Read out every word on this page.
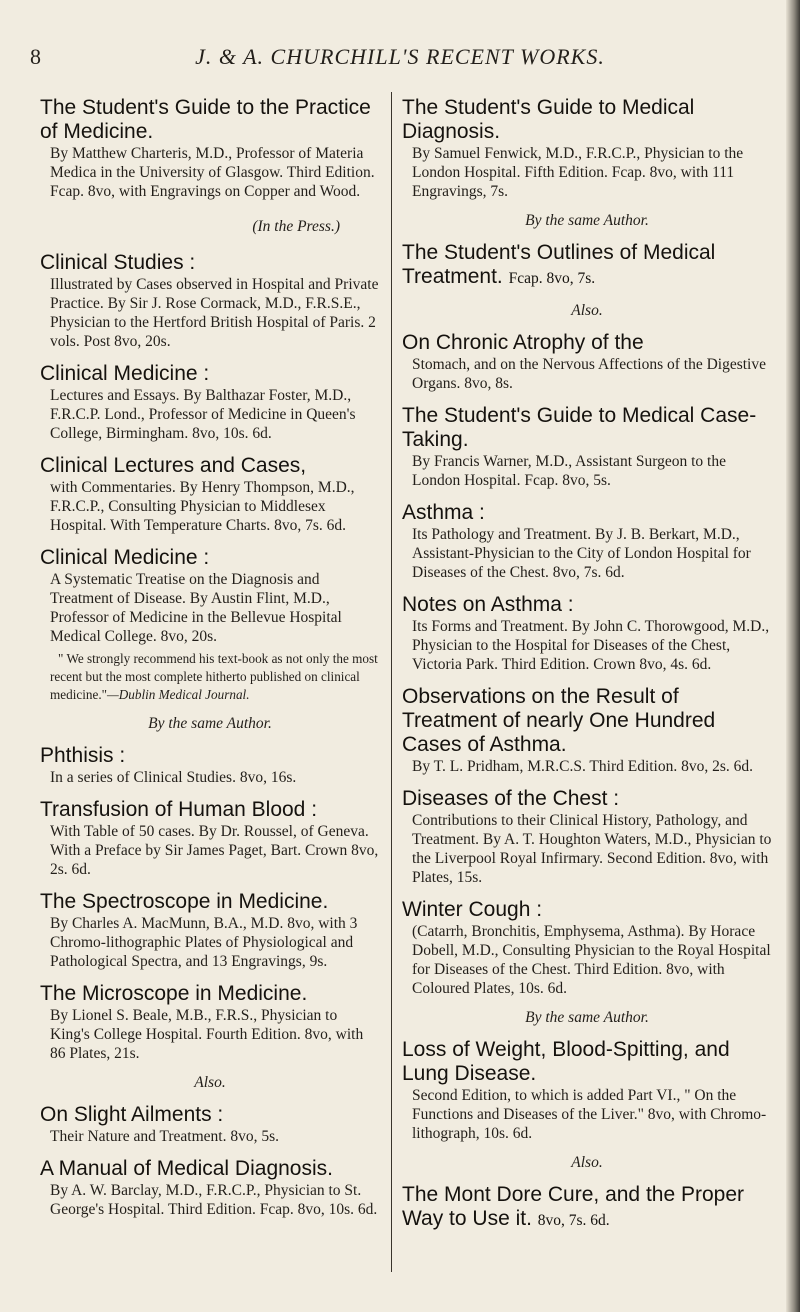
8	J. & A. CHURCHILL'S RECENT WORKS.

The Student's Guide to the Practice of Medicine.

By Matthew Charteris, M.D., Professor of Materia Medica in the University of Glasgow. Third Edition. Fcap. 8vo, with Engravings on Copper and Wood.

(In the Press.)

Clinical Studies :

Illustrated by Cases observed in Hospital and Private Practice. By Sir J. Rose Cormack, M.D., F.R.S.E., Physician to the Hertford British Hospital of Paris. 2 vols. Post 8vo, 20s.

Clinical Medicine :

Lectures and Essays. By Balthazar Foster, M.D., F.R.C.P. Lond., Professor of Medicine in Queen's College, Birmingham. 8vo, 10s. 6d.

Clinical Lectures and Cases,

with Commentaries. By Henry Thompson, M.D., F.R.C.P., Consulting Physician to Middlesex Hospital. With Temperature Charts. 8vo, 7s. 6d.

Clinical Medicine :

A Systematic Treatise on the Diagnosis and Treatment of Disease. By Austin Flint, M.D., Professor of Medicine in the Bellevue Hospital Medical College. 8vo, 20s.

" We strongly recommend his text-book as not only the most recent but the most complete hitherto published on clinical medicine."—Dublin Medical Journal.

By the same Author.

Phthisis :

In a series of Clinical Studies. 8vo, 16s.

Transfusion of Human Blood :

With Table of 50 cases. By Dr. Roussel, of Geneva. With a Preface by Sir James Paget, Bart. Crown 8vo, 2s. 6d.

The Spectroscope in Medicine.

By Charles A. MacMunn, B.A., M.D. 8vo, with 3 Chromo-lithographic Plates of Physiological and Pathological Spectra, and 13 Engravings, 9s.

The Microscope in Medicine.

By Lionel S. Beale, M.B., F.R.S., Physician to King's College Hospital. Fourth Edition. 8vo, with 86 Plates, 21s.

Also.

On Slight Ailments :

Their Nature and Treatment. 8vo, 5s.

A Manual of Medical Diagnosis.

By A. W. Barclay, M.D., F.R.C.P., Physician to St. George's Hospital. Third Edition. Fcap. 8vo, 10s. 6d.

The Student's Guide to Medical Diagnosis.

By Samuel Fenwick, M.D., F.R.C.P., Physician to the London Hospital. Fifth Edition. Fcap. 8vo, with 111 Engravings, 7s.

By the same Author.

The Student's Outlines of Medical Treatment. Fcap. 8vo, 7s.

Also.

On Chronic Atrophy of the

Stomach, and on the Nervous Affections of the Digestive Organs. 8vo, 8s.

The Student's Guide to Medical Case-Taking.

By Francis Warner, M.D., Assistant Surgeon to the London Hospital. Fcap. 8vo, 5s.

Asthma :

Its Pathology and Treatment. By J. B. Berkart, M.D., Assistant-Physician to the City of London Hospital for Diseases of the Chest. 8vo, 7s. 6d.

Notes on Asthma :

Its Forms and Treatment. By John C. Thorowgood, M.D., Physician to the Hospital for Diseases of the Chest, Victoria Park. Third Edition. Crown 8vo, 4s. 6d.

Observations on the Result of Treatment of nearly One Hundred Cases of Asthma.

By T. L. Pridham, M.R.C.S. Third Edition. 8vo, 2s. 6d.

Diseases of the Chest :

Contributions to their Clinical History, Pathology, and Treatment. By A. T. Houghton Waters, M.D., Physician to the Liverpool Royal Infirmary. Second Edition. 8vo, with Plates, 15s.

Winter Cough :

(Catarrh, Bronchitis, Emphysema, Asthma). By Horace Dobell, M.D., Consulting Physician to the Royal Hospital for Diseases of the Chest. Third Edition. 8vo, with Coloured Plates, 10s. 6d.

By the same Author.

Loss of Weight, Blood-Spitting, and Lung Disease.

Second Edition, to which is added Part VI., " On the Functions and Diseases of the Liver." 8vo, with Chromo-lithograph, 10s. 6d.

Also.

The Mont Dore Cure, and the Proper Way to Use it. 8vo, 7s. 6d.
